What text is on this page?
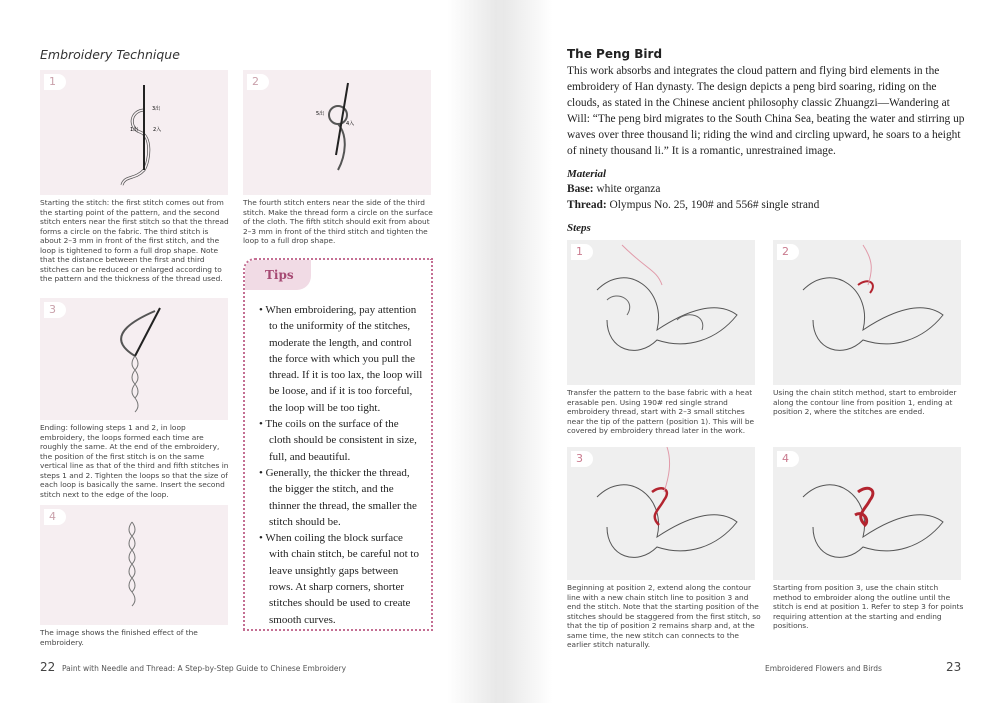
Embroidery Technique
1
3出
1出	2入
Starting the stitch: the first stitch comes out from the starting point of the pattern, and the second stitch enters near the first stitch so that the thread forms a circle on the fabric. The third stitch is about 2–3 mm in front of the first stitch, and the loop is tightened to form a full drop shape. Note that the distance between the first and third stitches can be reduced or enlarged according to the pattern and the thickness of the thread used.
2
5出
4入
The fourth stitch enters near the side of the third stitch. Make the thread form a circle on the surface of the cloth. The fifth stitch should exit from about 2–3 mm in front of the third stitch and tighten the loop to a full drop shape.
3
Ending: following steps 1 and 2, in loop embroidery, the loops formed each time are roughly the same. At the end of the embroidery, the position of the first stitch is on the same vertical line as that of the third and fifth stitches in steps 1 and 2. Tighten the loops so that the size of each loop is basically the same. Insert the second stitch next to the edge of the loop.
4
The image shows the finished effect of the embroidery.
Tips
• When embroidering, pay attention to the uniformity of the stitches, moderate the length, and control the force with which you pull the thread. If it is too lax, the loop will be loose, and if it is too forceful, the loop will be too tight.
• The coils on the surface of the cloth should be consistent in size, full, and beautiful.
• Generally, the thicker the thread, the bigger the stitch, and the thinner the thread, the smaller the stitch should be.
• When coiling the block surface with chain stitch, be careful not to leave unsightly gaps between rows. At sharp corners, shorter stitches should be used to create smooth curves.
22 Paint with Needle and Thread: A Step-by-Step Guide to Chinese Embroidery
The Peng Bird
This work absorbs and integrates the cloud pattern and flying bird elements in the embroidery of Han dynasty. The design depicts a peng bird soaring, riding on the clouds, as stated in the Chinese ancient philosophy classic Zhuangzi—Wandering at Will: “The peng bird migrates to the South China Sea, beating the water and stirring up waves over three thousand li; riding the wind and circling upward, he soars to a height of ninety thousand li.” It is a romantic, unrestrained image.
Material
Base: white organza
Thread: Olympus No. 25, 190# and 556# single strand
Steps
1
Transfer the pattern to the base fabric with a heat erasable pen. Using 190# red single strand embroidery thread, start with 2–3 small stitches near the tip of the pattern (position 1). This will be covered by embroidery thread later in the work.
2
Using the chain stitch method, start to embroider along the contour line from position 1, ending at position 2, where the stitches are ended.
3
Beginning at position 2, extend along the contour line with a new chain stitch line to position 3 and end the stitch. Note that the starting position of the stitches should be staggered from the first stitch, so that the tip of position 2 remains sharp and, at the same time, the new stitch can connects to the earlier stitch naturally.
4
Starting from position 3, use the chain stitch method to embroider along the outline until the stitch is end at position 1. Refer to step 3 for points requiring attention at the starting and ending positions.
Embroidered Flowers and Birds	23
